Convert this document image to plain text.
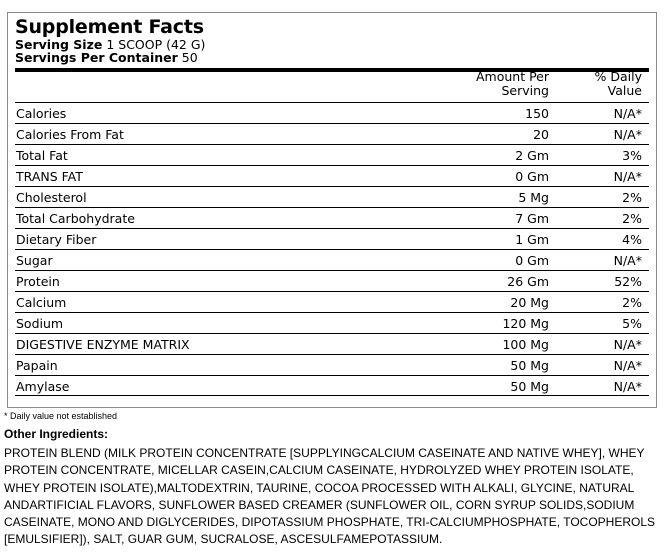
Supplement Facts
Serving Size 1 SCOOP (42 G)
Servings Per Container 50
Amount Per
Serving
% Daily
Value
Calories	150	N/A*
Calories From Fat	20	N/A*
Total Fat	2 Gm	3%
TRANS FAT	0 Gm	N/A*
Cholesterol	5 Mg	2%
Total Carbohydrate	7 Gm	2%
Dietary Fiber	1 Gm	4%
Sugar	0 Gm	N/A*
Protein	26 Gm	52%
Calcium	20 Mg	2%
Sodium	120 Mg	5%
DIGESTIVE ENZYME MATRIX	100 Mg	N/A*
Papain	50 Mg	N/A*
Amylase	50 Mg	N/A*
* Daily value not established
Other Ingredients:
PROTEIN BLEND (MILK PROTEIN CONCENTRATE [SUPPLYINGCALCIUM CASEINATE AND NATIVE WHEY], WHEY PROTEIN CONCENTRATE, MICELLAR CASEIN,CALCIUM CASEINATE, HYDROLYZED WHEY PROTEIN ISOLATE, WHEY PROTEIN ISOLATE),MALTODEXTRIN, TAURINE, COCOA PROCESSED WITH ALKALI, GLYCINE, NATURAL ANDARTIFICIAL FLAVORS, SUNFLOWER BASED CREAMER (SUNFLOWER OIL, CORN SYRUP SOLIDS,SODIUM CASEINATE, MONO AND DIGLYCERIDES, DIPOTASSIUM PHOSPHATE, TRI-CALCIUMPHOSPHATE, TOCOPHEROLS [EMULSIFIER]), SALT, GUAR GUM, SUCRALOSE, ASCESULFAMEPOTASSIUM.
